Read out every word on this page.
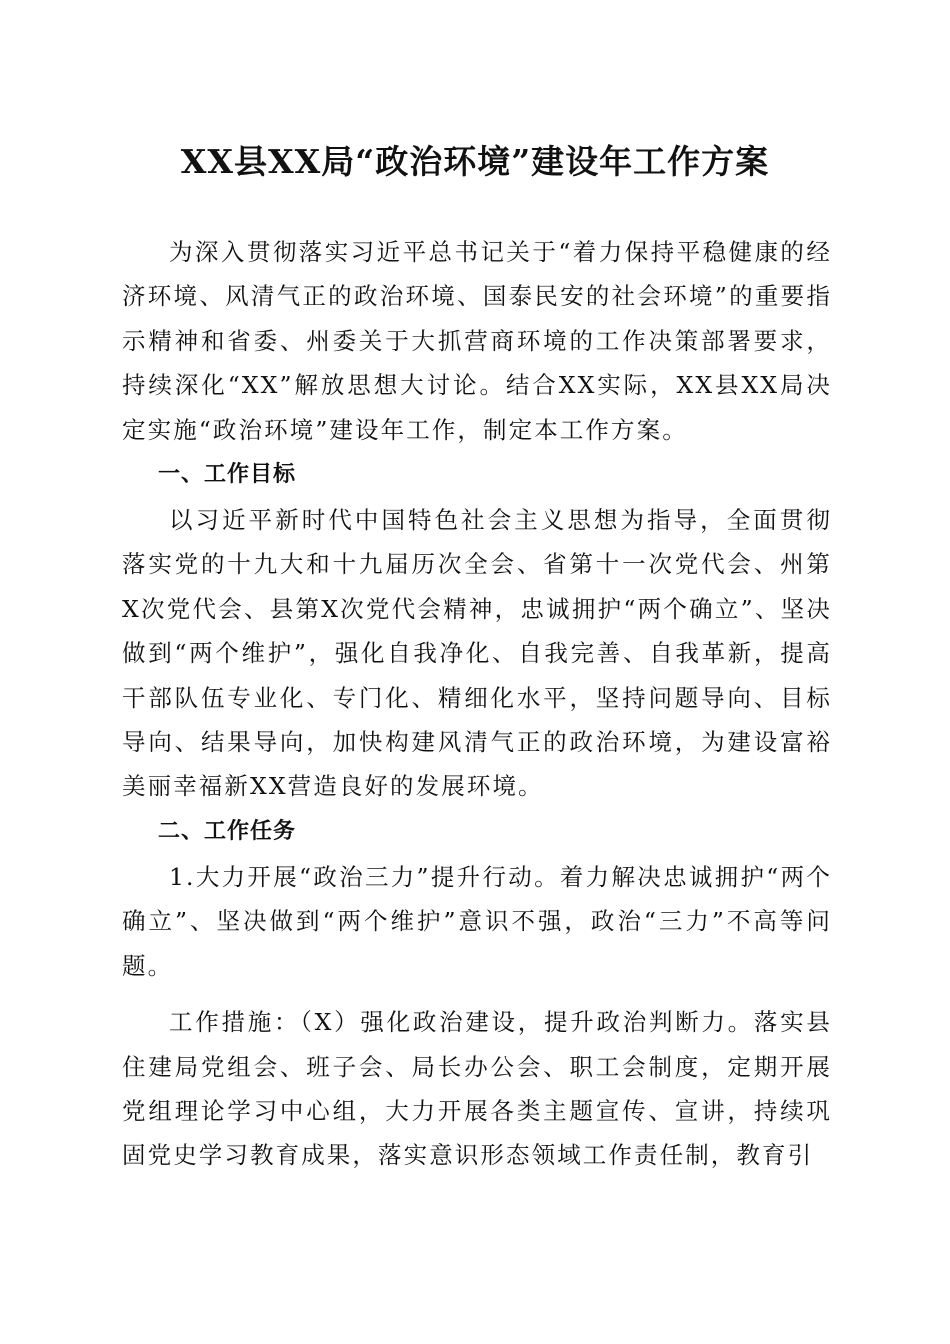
XX县XX局“政治环境”建设年工作方案

为深入贯彻落实习近平总书记关于“着力保持平稳健康的经济环境、风清气正的政治环境、国泰民安的社会环境”的重要指示精神和省委、州委关于大抓营商环境的工作决策部署要求，持续深化“XX”解放思想大讨论。结合XX实际，XX县XX局决定实施“政治环境”建设年工作，制定本工作方案。

一、工作目标

以习近平新时代中国特色社会主义思想为指导，全面贯彻落实党的十九大和十九届历次全会、省第十一次党代会、州第X次党代会、县第X次党代会精神，忠诚拥护“两个确立”、坚决做到“两个维护”，强化自我净化、自我完善、自我革新，提高干部队伍专业化、专门化、精细化水平，坚持问题导向、目标导向、结果导向，加快构建风清气正的政治环境，为建设富裕美丽幸福新XX营造良好的发展环境。

二、工作任务

1.大力开展“政治三力”提升行动。着力解决忠诚拥护“两个确立”、坚决做到“两个维护”意识不强，政治“三力”不高等问题。

工作措施：（X）强化政治建设，提升政治判断力。落实县住建局党组会、班子会、局长办公会、职工会制度，定期开展党组理论学习中心组，大力开展各类主题宣传、宣讲，持续巩固党史学习教育成果，落实意识形态领域工作责任制，教育引
